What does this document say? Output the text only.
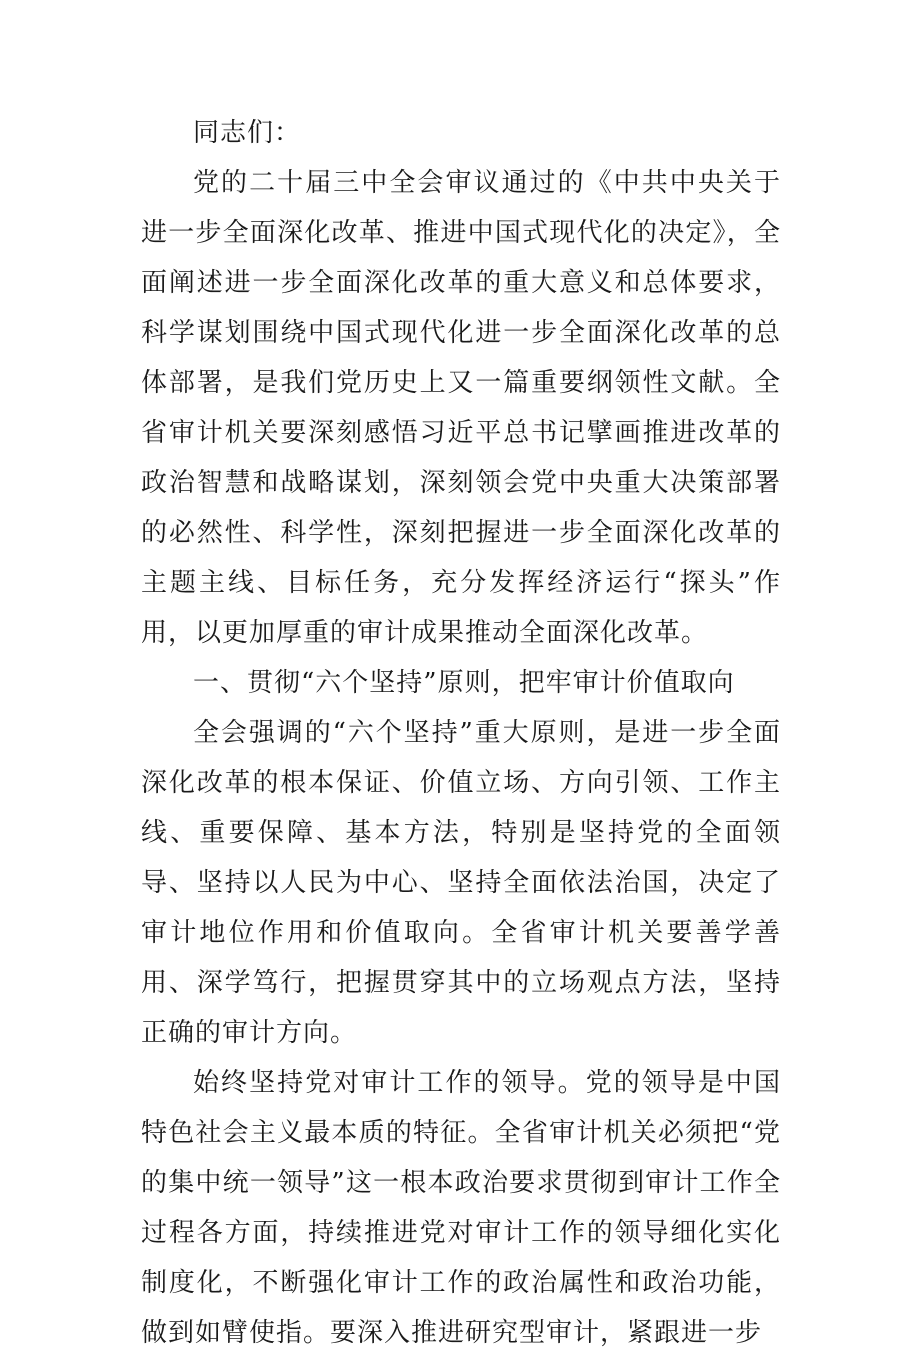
同志们：

党的二十届三中全会审议通过的《中共中央关于进一步全面深化改革、推进中国式现代化的决定》，全面阐述进一步全面深化改革的重大意义和总体要求，科学谋划围绕中国式现代化进一步全面深化改革的总体部署，是我们党历史上又一篇重要纲领性文献。全省审计机关要深刻感悟习近平总书记擘画推进改革的政治智慧和战略谋划，深刻领会党中央重大决策部署的必然性、科学性，深刻把握进一步全面深化改革的主题主线、目标任务，充分发挥经济运行“探头”作用，以更加厚重的审计成果推动全面深化改革。

一、贯彻“六个坚持”原则，把牢审计价值取向

全会强调的“六个坚持”重大原则，是进一步全面深化改革的根本保证、价值立场、方向引领、工作主线、重要保障、基本方法，特别是坚持党的全面领导、坚持以人民为中心、坚持全面依法治国，决定了审计地位作用和价值取向。全省审计机关要善学善用、深学笃行，把握贯穿其中的立场观点方法，坚持正确的审计方向。

始终坚持党对审计工作的领导。党的领导是中国特色社会主义最本质的特征。全省审计机关必须把“党的集中统一领导”这一根本政治要求贯彻到审计工作全过程各方面，持续推进党对审计工作的领导细化实化制度化，不断强化审计工作的政治属性和政治功能，做到如臂使指。要深入推进研究型审计，紧跟进一步
